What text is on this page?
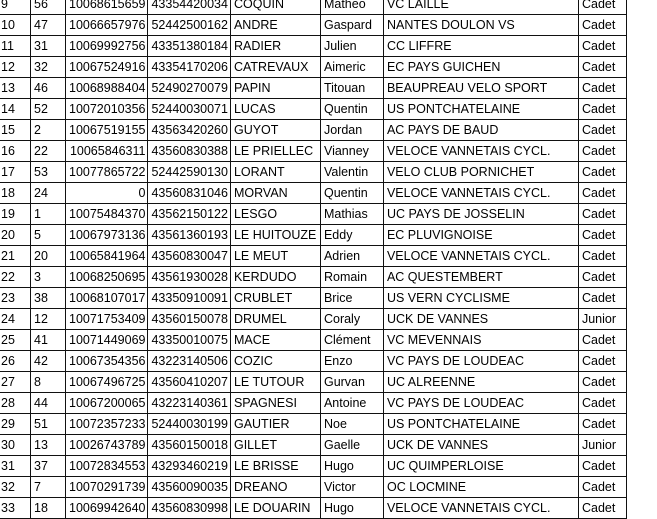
9	56	10068615659	43354420034	COQUIN	Matheo	VC LAILLE	Cadet
10	47	10066657976	52442500162	ANDRE	Gaspard	NANTES DOULON VS	Cadet
11	31	10069992756	43351380184	RADIER	Julien	CC LIFFRE	Cadet
12	32	10067524916	43354170206	CATREVAUX	Aimeric	EC PAYS GUICHEN	Cadet
13	46	10068988404	52490270079	PAPIN	Titouan	BEAUPREAU VELO SPORT	Cadet
14	52	10072010356	52440030071	LUCAS	Quentin	US PONTCHATELAINE	Cadet
15	2	10067519155	43563420260	GUYOT	Jordan	AC PAYS DE BAUD	Cadet
16	22	10065846311	43560830388	LE PRIELLEC	Vianney	VELOCE VANNETAIS CYCL.	Cadet
17	53	10077865722	52442590130	LORANT	Valentin	VELO CLUB PORNICHET	Cadet
18	24	0	43560831046	MORVAN	Quentin	VELOCE VANNETAIS CYCL.	Cadet
19	1	10075484370	43562150122	LESGO	Mathias	UC PAYS DE JOSSELIN	Cadet
20	5	10067973136	43561360193	LE HUITOUZE	Eddy	EC PLUVIGNOISE	Cadet
21	20	10065841964	43560830047	LE MEUT	Adrien	VELOCE VANNETAIS CYCL.	Cadet
22	3	10068250695	43561930028	KERDUDO	Romain	AC QUESTEMBERT	Cadet
23	38	10068107017	43350910091	CRUBLET	Brice	US VERN CYCLISME	Cadet
24	12	10071753409	43560150078	DRUMEL	Coraly	UCK DE VANNES	Junior
25	41	10071449069	43350010075	MACE	Clément	VC MEVENNAIS	Cadet
26	42	10067354356	43223140506	COZIC	Enzo	VC PAYS DE LOUDEAC	Cadet
27	8	10067496725	43560410207	LE TUTOUR	Gurvan	UC ALREENNE	Cadet
28	44	10067200065	43223140361	SPAGNESI	Antoine	VC PAYS DE LOUDEAC	Cadet
29	51	10072357233	52440030199	GAUTIER	Noe	US PONTCHATELAINE	Cadet
30	13	10026743789	43560150018	GILLET	Gaelle	UCK DE VANNES	Junior
31	37	10072834553	43293460219	LE BRISSE	Hugo	UC QUIMPERLOISE	Cadet
32	7	10070291739	43560090035	DREANO	Victor	OC LOCMINE	Cadet
33	18	10069942640	43560830998	LE DOUARIN	Hugo	VELOCE VANNETAIS CYCL.	Cadet
